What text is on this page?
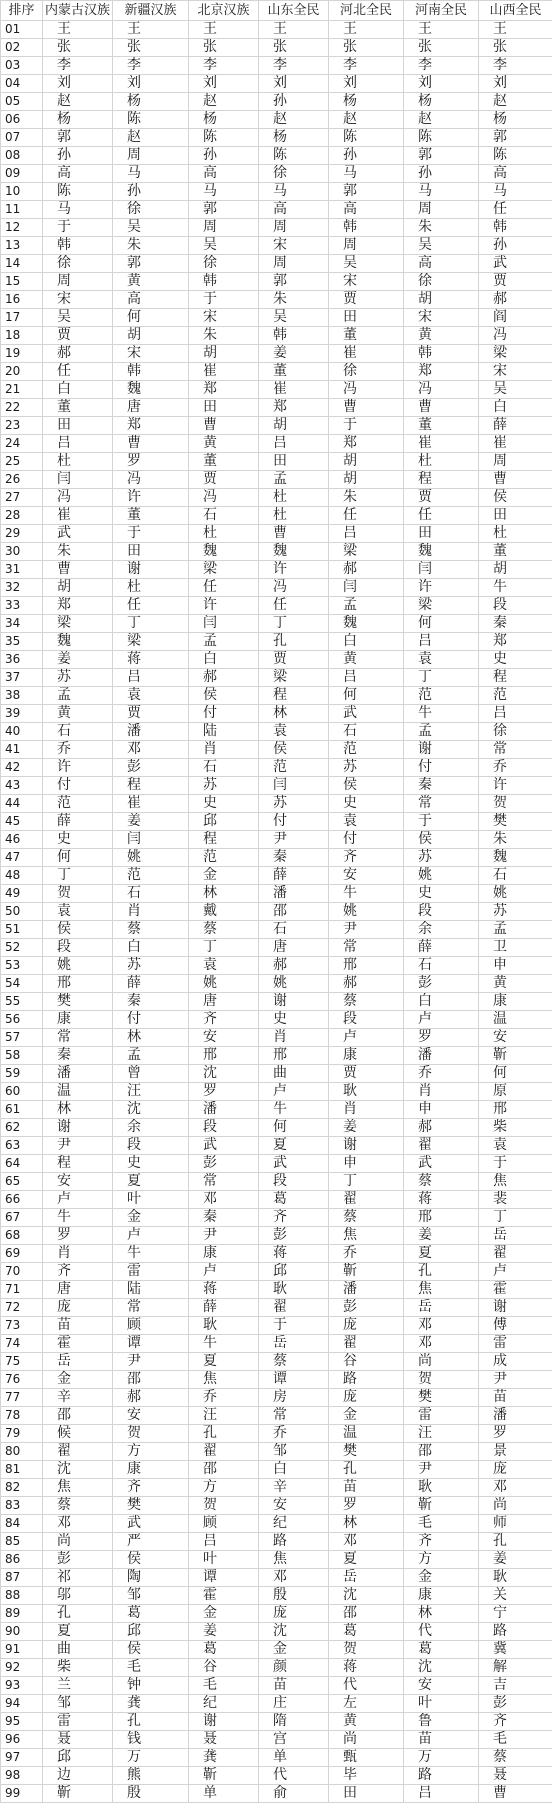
排序	内蒙古汉族	新疆汉族	北京汉族	山东全民	河北全民	河南全民	山西全民
01	王	王	王	王	王	王	王
02	张	张	张	张	张	张	张
03	李	李	李	李	李	李	李
04	刘	刘	刘	刘	刘	刘	刘
05	赵	杨	赵	孙	杨	杨	赵
06	杨	陈	杨	赵	赵	赵	杨
07	郭	赵	陈	杨	陈	陈	郭
08	孙	周	孙	陈	孙	郭	陈
09	高	马	高	徐	马	孙	高
10	陈	孙	马	马	郭	马	马
11	马	徐	郭	高	高	周	任
12	于	吴	周	周	韩	朱	韩
13	韩	朱	吴	宋	周	吴	孙
14	徐	郭	徐	周	吴	高	武
15	周	黄	韩	郭	宋	徐	贾
16	宋	高	于	朱	贾	胡	郝
17	吴	何	宋	吴	田	宋	阎
18	贾	胡	朱	韩	董	黄	冯
19	郝	宋	胡	姜	崔	韩	梁
20	任	韩	崔	董	徐	郑	宋
21	白	魏	郑	崔	冯	冯	吴
22	董	唐	田	郑	曹	曹	白
23	田	郑	曹	胡	于	董	薛
24	吕	曹	黄	吕	郑	崔	崔
25	杜	罗	董	田	胡	杜	周
26	闫	冯	贾	孟	胡	程	曹
27	冯	许	冯	杜	朱	贾	侯
28	崔	董	石	杜	任	任	田
29	武	于	杜	曹	吕	田	杜
30	朱	田	魏	魏	梁	魏	董
31	曹	谢	梁	许	郝	闫	胡
32	胡	杜	任	冯	闫	许	牛
33	郑	任	许	任	孟	梁	段
34	梁	丁	闫	丁	魏	何	秦
35	魏	梁	孟	孔	白	吕	郑
36	姜	蒋	白	贾	黄	袁	史
37	苏	吕	郝	梁	吕	丁	程
38	孟	袁	侯	程	何	范	范
39	黄	贾	付	林	武	牛	吕
40	石	潘	陆	袁	石	孟	徐
41	乔	邓	肖	侯	范	谢	常
42	许	彭	石	范	苏	付	乔
43	付	程	苏	闫	侯	秦	许
44	范	崔	史	苏	史	常	贺
45	薛	姜	邱	付	袁	于	樊
46	史	闫	程	尹	付	侯	朱
47	何	姚	范	秦	齐	苏	魏
48	丁	范	金	薛	安	姚	石
49	贺	石	林	潘	牛	史	姚
50	袁	肖	戴	邵	姚	段	苏
51	侯	蔡	蔡	石	尹	余	孟
52	段	白	丁	唐	常	薛	卫
53	姚	苏	袁	郝	邢	石	申
54	邢	薛	姚	姚	郝	彭	黄
55	樊	秦	唐	谢	蔡	白	康
56	康	付	齐	史	段	卢	温
57	常	林	安	肖	卢	罗	安
58	秦	孟	邢	邢	康	潘	靳
59	潘	曾	沈	曲	贾	乔	何
60	温	汪	罗	卢	耿	肖	原
61	林	沈	潘	牛	肖	申	邢
62	谢	余	段	何	姜	郝	柴
63	尹	段	武	夏	谢	翟	袁
64	程	史	彭	武	申	武	于
65	安	夏	常	段	丁	蔡	焦
66	卢	叶	邓	葛	翟	蒋	裴
67	牛	金	秦	齐	蔡	邢	丁
68	罗	卢	尹	彭	焦	姜	岳
69	肖	牛	康	蒋	乔	夏	翟
70	齐	雷	卢	邱	靳	孔	卢
71	唐	陆	蒋	耿	潘	焦	霍
72	庞	常	薛	翟	彭	岳	谢
73	苗	顾	耿	于	庞	邓	傅
74	霍	谭	牛	岳	翟	邓	雷
75	岳	尹	夏	蔡	谷	尚	成
76	金	邵	焦	谭	路	贺	尹
77	辛	郝	乔	房	庞	樊	苗
78	邵	安	汪	常	金	雷	潘
79	候	贺	孔	乔	温	汪	罗
80	翟	方	翟	邹	樊	邵	景
81	沈	康	邵	白	孔	尹	庞
82	焦	齐	方	辛	苗	耿	邓
83	蔡	樊	贺	安	罗	靳	尚
84	邓	武	顾	纪	林	毛	师
85	尚	严	吕	路	邓	齐	孔
86	彭	侯	叶	焦	夏	方	姜
87	祁	陶	谭	邓	岳	金	耿
88	邬	邹	霍	殷	沈	康	关
89	孔	葛	金	庞	邵	林	宁
90	夏	邱	姜	沈	葛	代	路
91	曲	侯	葛	金	贺	葛	冀
92	柴	毛	谷	颜	蒋	沈	解
93	兰	钟	毛	苗	代	安	吉
94	邹	龚	纪	庄	左	叶	彭
95	雷	孔	谢	隋	黄	鲁	齐
96	聂	钱	聂	宫	尚	苗	毛
97	邱	万	龚	单	甄	万	蔡
98	边	熊	靳	代	毕	路	聂
99	靳	殷	单	俞	田	吕	曹
